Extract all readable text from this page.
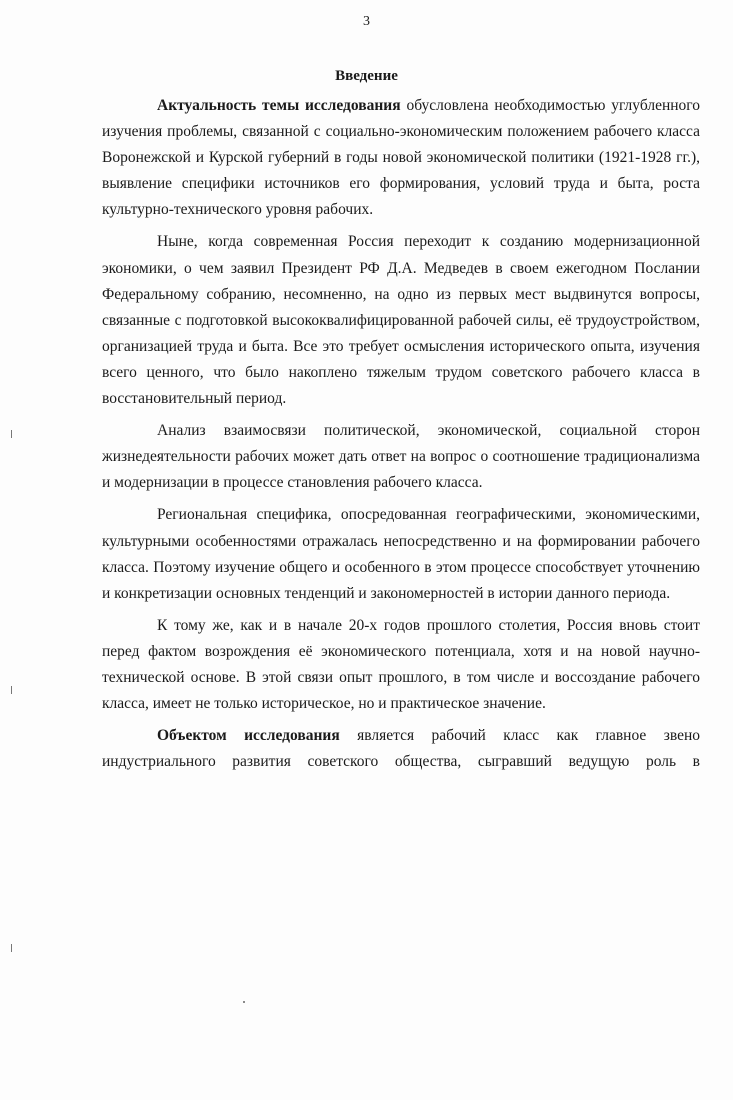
3
Введение

Актуальность темы исследования обусловлена необходимостью углубленного изучения проблемы, связанной с социально-экономическим положением рабочего класса Воронежской и Курской губерний в годы новой экономической политики (1921-1928 гг.), выявление специфики источников его формирования, условий труда и быта, роста культурно-технического уровня рабочих.

Ныне, когда современная Россия переходит к созданию модернизационной экономики, о чем заявил Президент РФ Д.А. Медведев в своем ежегодном Послании Федеральному собранию, несомненно, на одно из первых мест выдвинутся вопросы, связанные с подготовкой высококвалифицированной рабочей силы, её трудоустройством, организацией труда и быта. Все это требует осмысления исторического опыта, изучения всего ценного, что было накоплено тяжелым трудом советского рабочего класса в восстановительный период.

Анализ взаимосвязи политической, экономической, социальной сторон жизнедеятельности рабочих может дать ответ на вопрос о соотношение традиционализма и модернизации в процессе становления рабочего класса.

Региональная специфика, опосредованная географическими, экономическими, культурными особенностями отражалась непосредственно и на формировании рабочего класса. Поэтому изучение общего и особенного в этом процессе способствует уточнению и конкретизации основных тенденций и закономерностей в истории данного периода.

К тому же, как и в начале 20-х годов прошлого столетия, Россия вновь стоит перед фактом возрождения её экономического потенциала, хотя и на новой научно-технической основе. В этой связи опыт прошлого, в том числе и воссоздание рабочего класса, имеет не только историческое, но и практическое значение.

Объектом исследования является рабочий класс как главное звено индустриального развития советского общества, сыгравший ведущую роль в
